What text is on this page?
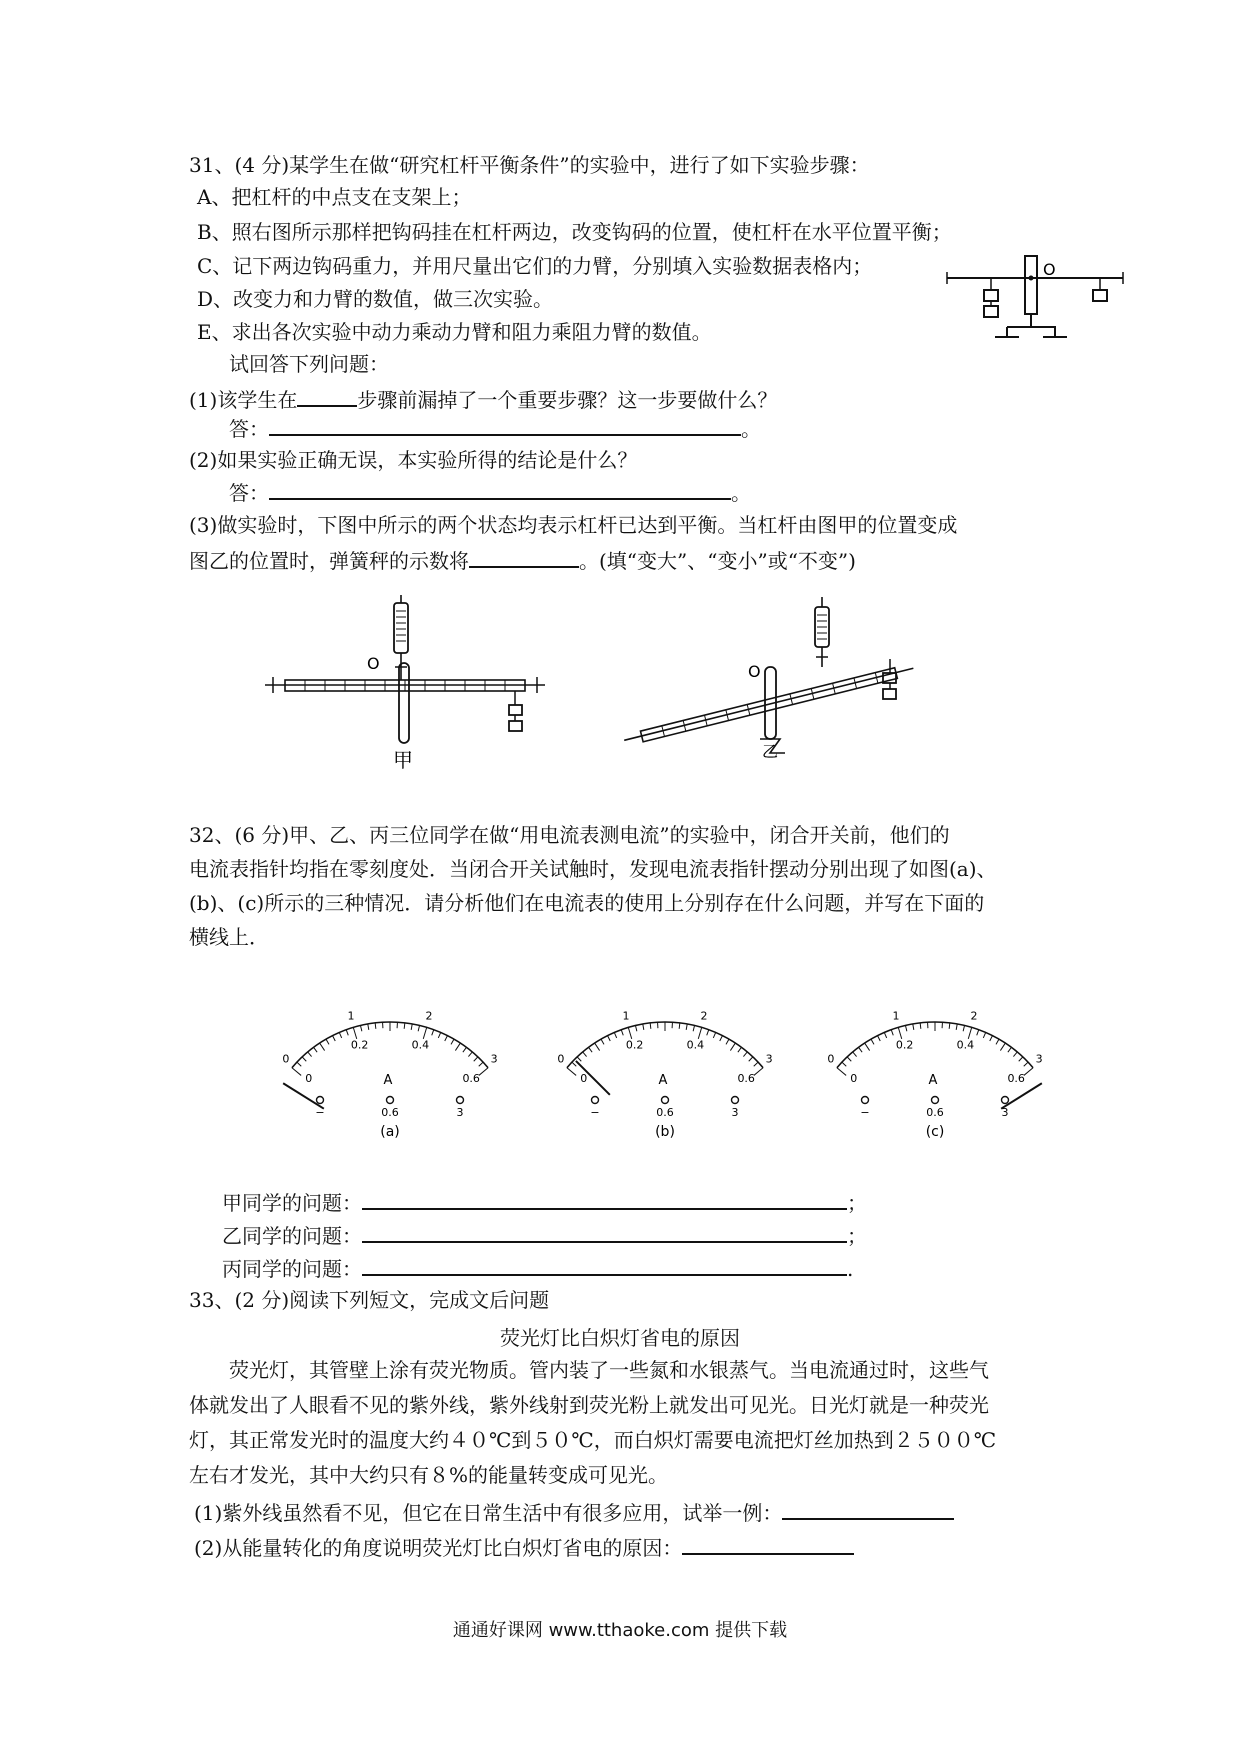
31、(4 分)某学生在做“研究杠杆平衡条件”的实验中，进行了如下实验步骤：
A、把杠杆的中点支在支架上；
B、照右图所示那样把钩码挂在杠杆两边，改变钩码的位置，使杠杆在水平位置平衡；
C、记下两边钩码重力，并用尺量出它们的力臂，分别填入实验数据表格内；
D、改变力和力臂的数值，做三次实验。
E、求出各次实验中动力乘动力臂和阻力乘阻力臂的数值。
试回答下列问题：
(1)该学生在	步骤前漏掉了一个重要步骤？这一步要做什么？
答：	。
(2)如果实验正确无误，本实验所得的结论是什么？
答：	。
(3)做实验时，下图中所示的两个状态均表示杠杆已达到平衡。当杠杆由图甲的位置变成
图乙的位置时，弹簧秤的示数将	。(填“变大”、“变小”或“不变”)
O
O
甲
O
乙
32、(6 分)甲、乙、丙三位同学在做“用电流表测电流”的实验中，闭合开关前，他们的
电流表指针均指在零刻度处．当闭合开关试触时，发现电流表指针摆动分别出现了如图(a)、
(b)、(c)所示的三种情况．请分析他们在电流表的使用上分别存在什么问题，并写在下面的
横线上．
0
1	2
3
0
0.2	0.4
0.6
A
−	0.6	3
(a)
0
1	2
3
0
0.2	0.4
0.6
A
−	0.6	3
(b)
0
1	2
3
0
0.2	0.4
0.6
A
−	0.6	3
(c)
甲同学的问题：	；
乙同学的问题：	；
丙同学的问题：	.
33、(2 分)阅读下列短文，完成文后问题
荧光灯比白炽灯省电的原因
荧光灯，其管壁上涂有荧光物质。管内装了一些氮和水银蒸气。当电流通过时，这些气
体就发出了人眼看不见的紫外线，紫外线射到荧光粉上就发出可见光。日光灯就是一种荧光
灯，其正常发光时的温度大约４０℃到５０℃，而白炽灯需要电流把灯丝加热到２５００℃
左右才发光，其中大约只有８%的能量转变成可见光。
(1)紫外线虽然看不见，但它在日常生活中有很多应用，试举一例：
(2)从能量转化的角度说明荧光灯比白炽灯省电的原因：
通通好课网 www.tthaoke.com 提供下载
